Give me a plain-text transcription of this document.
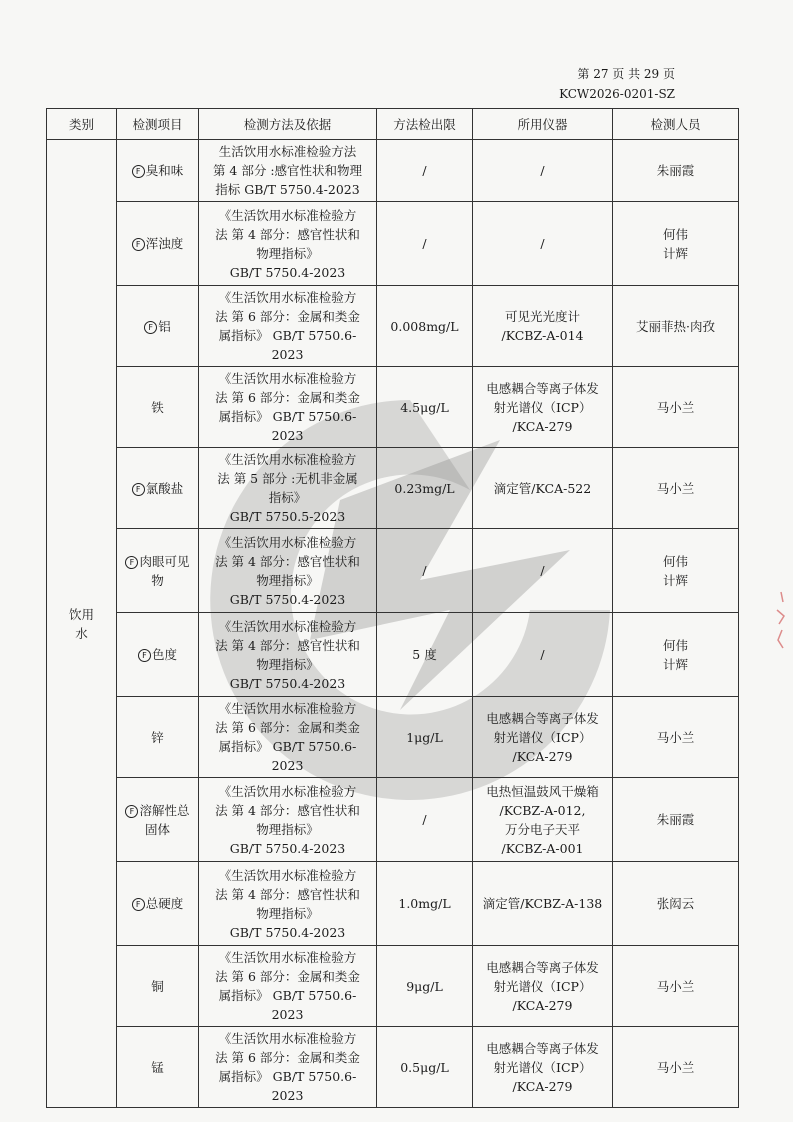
第 27 页 共 29 页
KCW2026-0201-SZ
类别	检测项目	检测方法及依据	方法检出限	所用仪器	检测人员
饮用
水	F 臭和味	生活饮用水标准检验方法
第 4 部分 :感官性状和物理
指标 GB/T 5750.4-2023	/	/	朱丽霞
	F 浑浊度	《生活饮用水标准检验方
法 第 4 部分：感官性状和
物理指标》
GB/T 5750.4-2023	/	/	何伟
计辉
	F 铝	《生活饮用水标准检验方
法 第 6 部分：金属和类金
属指标》 GB/T 5750.6-2023	0.008mg/L	可见光光度计
/KCBZ-A-014	艾丽菲热·肉孜
	铁	《生活饮用水标准检验方
法 第 6 部分：金属和类金
属指标》 GB/T 5750.6-2023	4.5μg/L	电感耦合等离子体发
射光谱仪（ICP）
/KCA-279	马小兰
	F 氯酸盐	《生活饮用水标准检验方
法 第 5 部分 :无机非金属
指标》
GB/T 5750.5-2023	0.23mg/L	滴定管/KCA-522	马小兰
	F 肉眼可见
物	《生活饮用水标准检验方
法 第 4 部分：感官性状和
物理指标》
GB/T 5750.4-2023	/	/	何伟
计辉
	F 色度	《生活饮用水标准检验方
法 第 4 部分：感官性状和
物理指标》
GB/T 5750.4-2023	5 度	/	何伟
计辉
	锌	《生活饮用水标准检验方
法 第 6 部分：金属和类金
属指标》 GB/T 5750.6-2023	1μg/L	电感耦合等离子体发
射光谱仪（ICP）
/KCA-279	马小兰
	F 溶解性总
固体	《生活饮用水标准检验方
法 第 4 部分：感官性状和
物理指标》
GB/T 5750.4-2023	/	电热恒温鼓风干燥箱
/KCBZ-A-012,
万分电子天平
/KCBZ-A-001	朱丽霞
	F 总硬度	《生活饮用水标准检验方
法 第 4 部分：感官性状和
物理指标》
GB/T 5750.4-2023	1.0mg/L	滴定管/KCBZ-A-138	张闳云
	铜	《生活饮用水标准检验方
法 第 6 部分：金属和类金
属指标》 GB/T 5750.6-2023	9μg/L	电感耦合等离子体发
射光谱仪（ICP）
/KCA-279	马小兰
	锰	《生活饮用水标准检验方
法 第 6 部分：金属和类金
属指标》 GB/T 5750.6-2023	0.5μg/L	电感耦合等离子体发
射光谱仪（ICP）
/KCA-279	马小兰
